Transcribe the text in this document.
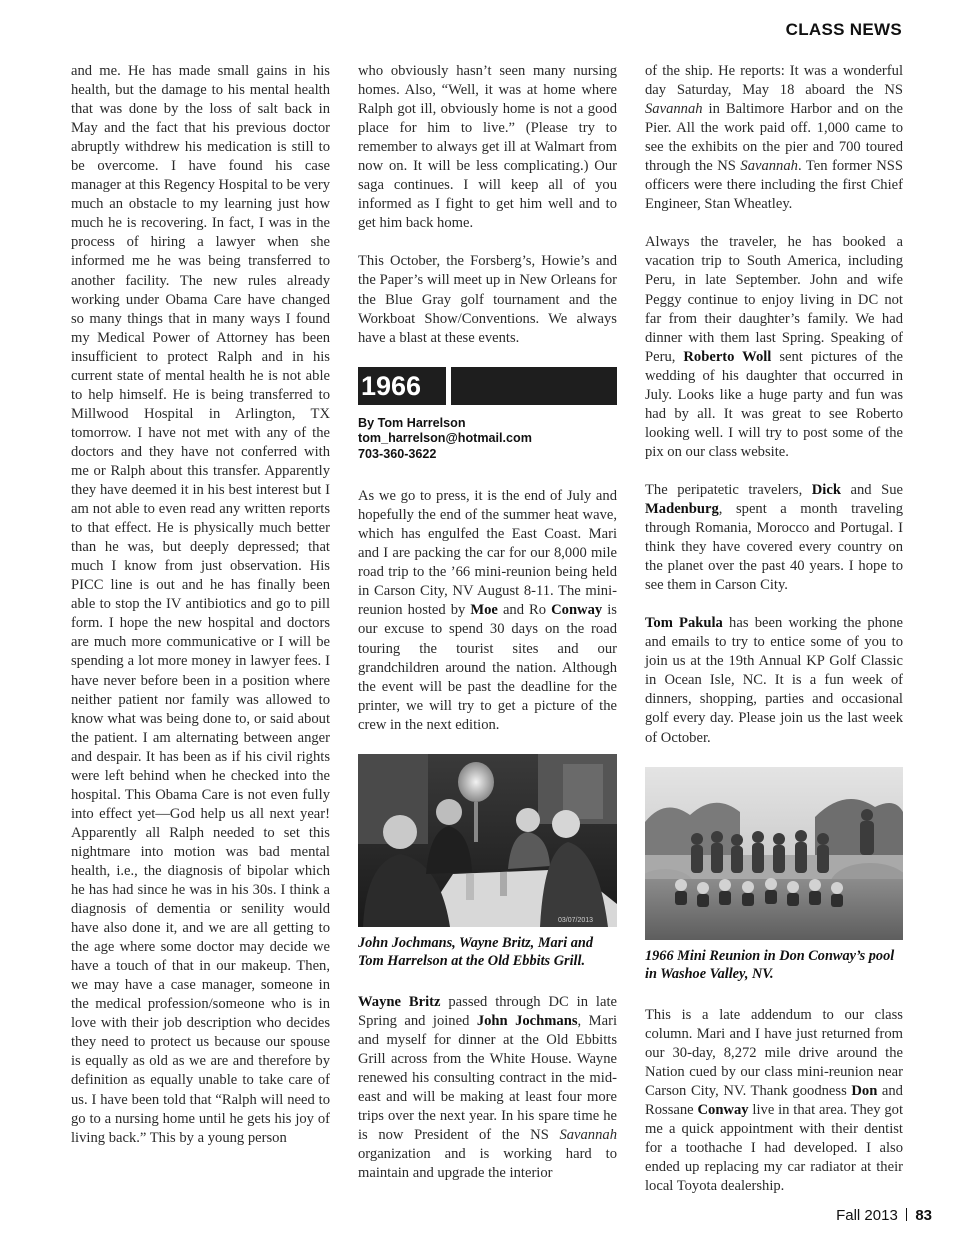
CLASS NEWS

and me. He has made small gains in his health, but the damage to his mental health that was done by the loss of salt back in May and the fact that his previous doctor abruptly withdrew his medication is still to be overcome. I have found his case manager at this Regency Hospital to be very much an obstacle to my learning just how much he is recovering. In fact, I was in the process of hiring a lawyer when she informed me he was being transferred to another facility. The new rules already working under Obama Care have changed so many things that in many ways I found my Medical Power of Attorney has been insufficient to protect Ralph and in his current state of mental health he is not able to help himself. He is being transferred to Millwood Hospital in Arlington, TX tomorrow. I have not met with any of the doctors and they have not conferred with me or Ralph about this transfer. Apparently they have deemed it in his best interest but I am not able to even read any written reports to that effect. He is physically much better than he was, but deeply depressed; that much I know from just observation. His PICC line is out and he has finally been able to stop the IV antibiotics and go to pill form. I hope the new hospital and doctors are much more communicative or I will be spending a lot more money in lawyer fees. I have never before been in a position where neither patient nor family was allowed to know what was being done to, or said about the patient. I am alternating between anger and despair. It has been as if his civil rights were left behind when he checked into the hospital. This Obama Care is not even fully into effect yet—God help us all next year! Apparently all Ralph needed to set this nightmare into motion was bad mental health, i.e., the diagnosis of bipolar which he has had since he was in his 30s. I think a diagnosis of dementia or senility would have also done it, and we are all getting to the age where some doctor may decide we have a touch of that in our makeup. Then, we may have a case manager, someone in the medical profession/someone who is in love with their job description who decides they need to protect us because our spouse is equally as old as we are and therefore by definition as equally unable to take care of us. I have been told that “Ralph will need to go to a nursing home until he gets his joy of living back.” This by a young person

who obviously hasn’t seen many nursing homes. Also, “Well, it was at home where Ralph got ill, obviously home is not a good place for him to live.” (Please try to remember to always get ill at Walmart from now on. It will be less complicating.) Our saga continues. I will keep all of you informed as I fight to get him well and to get him back home.

This October, the Forsberg’s, Howie’s and the Paper’s will meet up in New Orleans for the Blue Gray golf tournament and the Workboat Show/Conventions. We always have a blast at these events.

1966
By Tom Harrelson
tom_harrelson@hotmail.com
703-360-3622

As we go to press, it is the end of July and hopefully the end of the summer heat wave, which has engulfed the East Coast. Mari and I are packing the car for our 8,000 mile road trip to the ’66 mini-reunion being held in Carson City, NV August 8-11. The mini-reunion hosted by Moe and Ro Conway is our excuse to spend 30 days on the road touring the tourist sites and our grandchildren around the nation. Although the event will be past the deadline for the printer, we will try to get a picture of the crew in the next edition.

03/07/2013
John Jochmans, Wayne Britz, Mari and Tom Harrelson at the Old Ebbits Grill.

Wayne Britz passed through DC in late Spring and joined John Jochmans, Mari and myself for dinner at the Old Ebbitts Grill across from the White House. Wayne renewed his consulting contract in the mid-east and will be making at least four more trips over the next year. In his spare time he is now President of the NS Savannah organization and is working hard to maintain and upgrade the interior

of the ship. He reports: It was a wonderful day Saturday, May 18 aboard the NS Savannah in Baltimore Harbor and on the Pier. All the work paid off. 1,000 came to see the exhibits on the pier and 700 toured through the NS Savannah. Ten former NSS officers were there including the first Chief Engineer, Stan Wheatley.

Always the traveler, he has booked a vacation trip to South America, including Peru, in late September. John and wife Peggy continue to enjoy living in DC not far from their daughter’s family. We had dinner with them last Spring. Speaking of Peru, Roberto Woll sent pictures of the wedding of his daughter that occurred in July. Looks like a huge party and fun was had by all. It was great to see Roberto looking well. I will try to post some of the pix on our class website.

The peripatetic travelers, Dick and Sue Madenburg, spent a month traveling through Romania, Morocco and Portugal. I think they have covered every country on the planet over the past 40 years. I hope to see them in Carson City.

Tom Pakula has been working the phone and emails to try to entice some of you to join us at the 19th Annual KP Golf Classic in Ocean Isle, NC. It is a fun week of dinners, shopping, parties and occasional golf every day. Please join us the last week of October.

1966 Mini Reunion in Don Conway’s pool in Washoe Valley, NV.

This is a late addendum to our class column. Mari and I have just returned from our 30-day, 8,272 mile drive around the Nation cued by our class mini-reunion near Carson City, NV. Thank goodness Don and Rossane Conway live in that area. They got me a quick appointment with their dentist for a toothache I had developed. I also ended up replacing my car radiator at their local Toyota dealership.

Fall 2013 83
